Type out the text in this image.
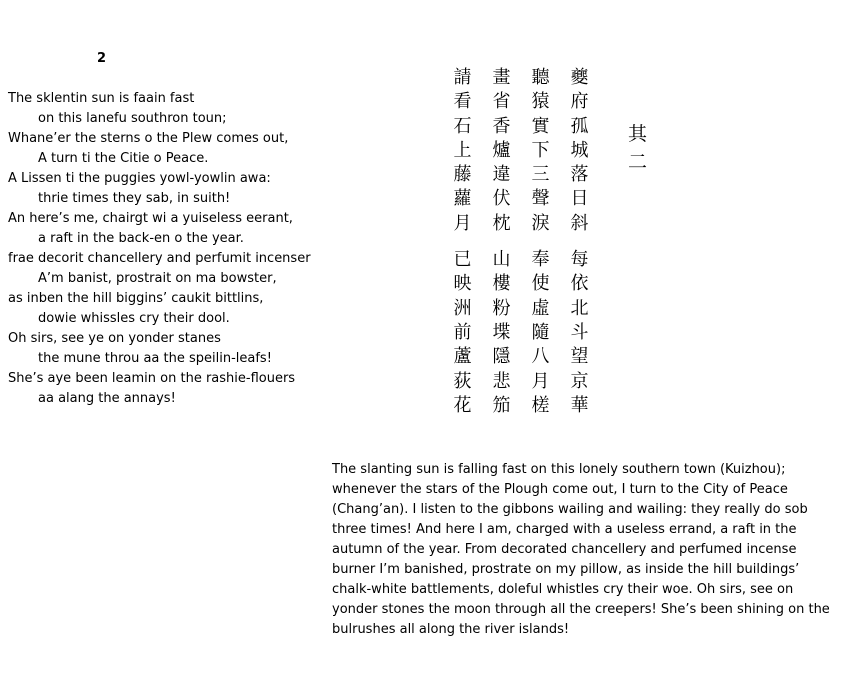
2
The sklentin sun is faain fast
on this lanefu southron toun;
Whane’er the sterns o the Plew comes out,
A turn ti the Citie o Peace.
A Lissen ti the puggies yowl-yowlin awa:
thrie times they sab, in suith!
An here’s me, chairgt wi a yuiseless eerant,
a raft in the back-en o the year.
frae decorit chancellery and perfumit incenser
A’m banist, prostrait on ma bowster,
as inben the hill biggins’ caukit bittlins,
dowie whissles cry their dool.
Oh sirs, see ye on yonder stanes
the mune throu aa the speilin-leafs!
She’s aye been leamin on the rashie-flouers
aa alang the annays!
請
看
石
上
藤
蘿
月
畫
省
香
爐
違
伏
枕
聽
猿
實
下
三
聲
淚
夔
府
孤
城
落
日
斜
已
映
洲
前
蘆
荻
花
山
樓
粉
堞
隱
悲
笳
奉
使
虛
隨
八
月
槎
每
依
北
斗
望
京
華
其
二

The slanting sun is falling fast on this lonely southern town (Kuizhou); whenever the stars of the Plough come out, I turn to the City of Peace (Chang’an). I listen to the gibbons wailing and wailing: they really do sob three times! And here I am, charged with a useless errand, a raft in the autumn of the year. From decorated chancellery and perfumed incense burner I’m banished, prostrate on my pillow, as inside the hill buildings’ chalk-white battlements, doleful whistles cry their woe. Oh sirs, see on yonder stones the moon through all the creepers! She’s been shining on the bulrushes all along the river islands!
